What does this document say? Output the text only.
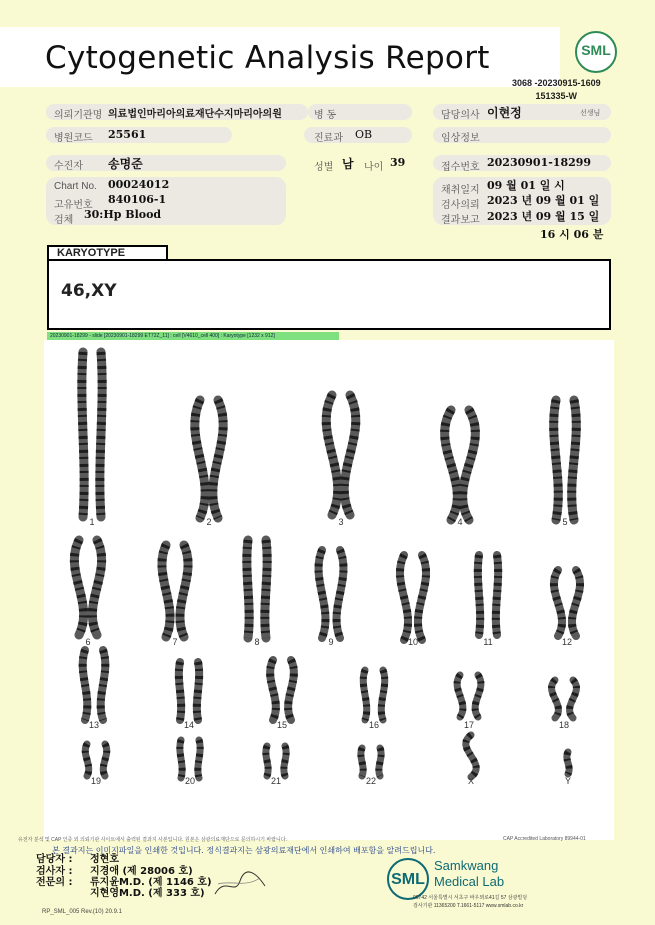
Cytogenetic Analysis Report	SML
3068 -20230915-1609
151335-W
의뢰기관명 의료법인마리아의료재단수지마리아의원	병 동	담당의사 이현정	선생님
병원코드 25561	진료과 OB	임상정보
수진자 송명준	성별 남 나이 39	접수번호 20230901-18299
Chart No. 00024012
고유번호 840106-1
검체 30:Hp Blood
채취일지 09 월 01 일 시
검사의뢰 2023 년 09 월 01 일
결과보고 2023 년 09 월 15 일
16 시 06 분
KARYOTYPE
46,XY
20230901-18299 - slide [20230901-18299 ET72Z_11] : cell [V4610_cell 400] : Karyotype [1232 x 912]
1	2	3	4	5
6	7	8	9	10	11	12
13	14	15	16	17	18
19	20	21	22	X	Y
유전자 분석 및 CAP 인증 외 의뢰기관 사이트에서 출력된 결과지 사본입니다. 원본은 삼광의료재단으로 문의하시기 바랍니다.	CAP Accredited Laboratory 89944-01
본 결과지는 이미지파일을 인쇄한 것입니다. 정식결과지는 삼광의료재단에서 인쇄하여 배포함을 알려드립니다.
담당자 : 정현호
검사자 : 지경애 (제 28006 호)
전문의 : 류지윤M.D. (제 1146 호)
지현영M.D. (제 333 호)
SML
Samkwang
Medical Lab
06742 서울특별시 서초구 바우뫼로41길 57 삼광빌딩
검사기관 11365200 T.1661-5117 www.smlab.co.kr
RP_SML_005 Rev.(10) 20.9.1
